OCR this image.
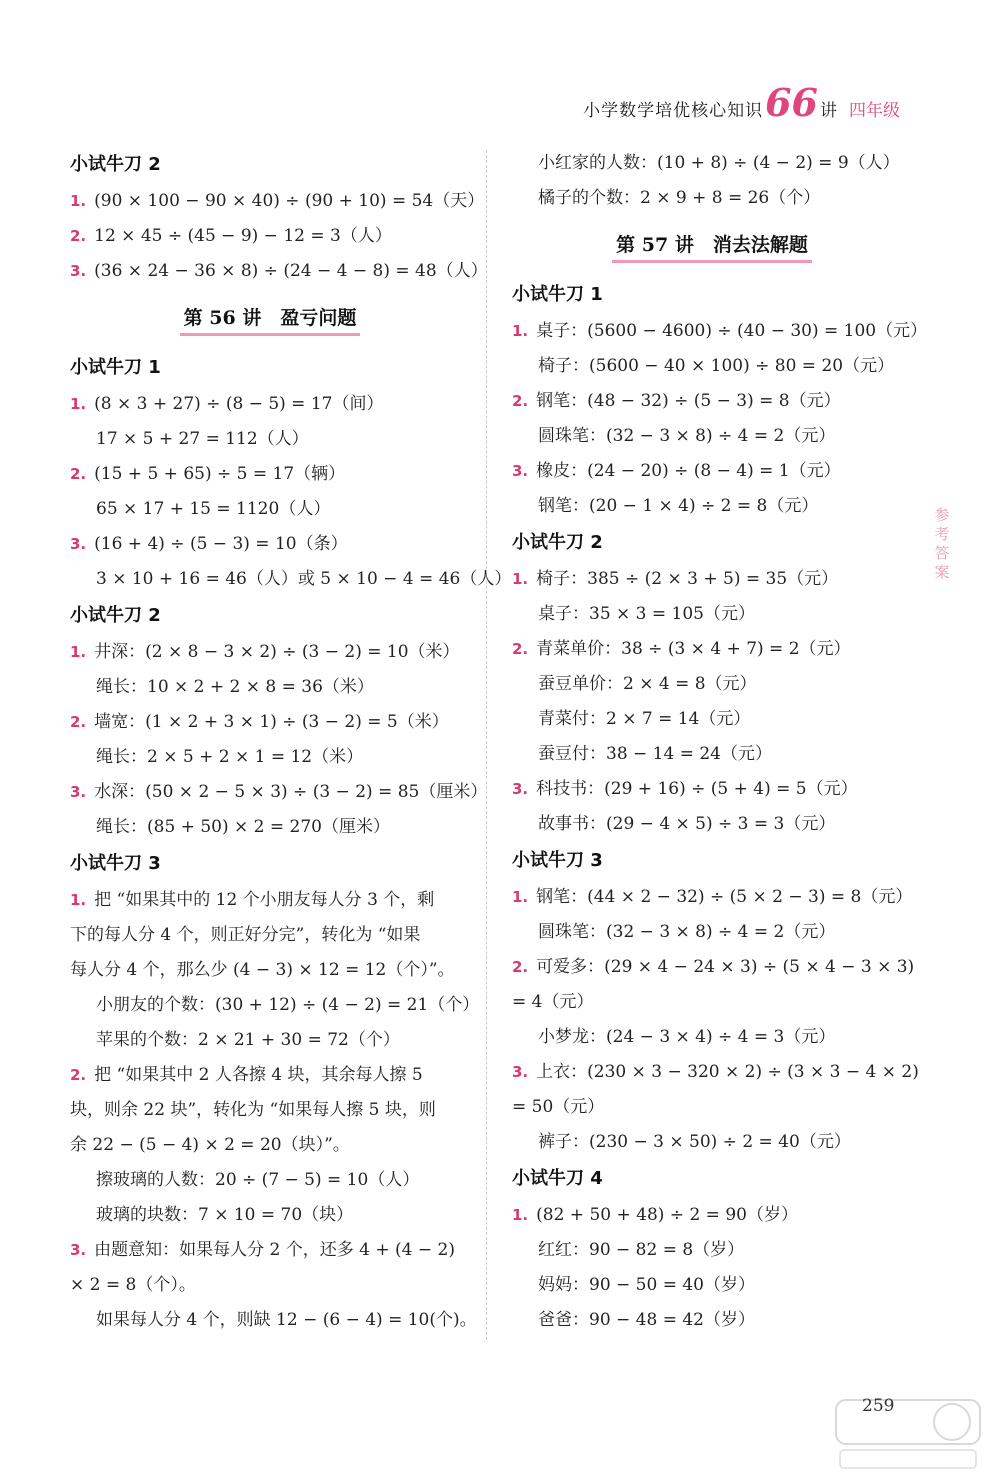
小学数学培优核心知识 66 讲 四年级
小试牛刀 2
1. (90 × 100 − 90 × 40) ÷ (90 + 10) = 54（天）
2. 12 × 45 ÷ (45 − 9) − 12 = 3（人）
3. (36 × 24 − 36 × 8) ÷ (24 − 4 − 8) = 48（人）
第 56 讲　盈亏问题
小试牛刀 1
1. (8 × 3 + 27) ÷ (8 − 5) = 17（间）
17 × 5 + 27 = 112（人）
2. (15 + 5 + 65) ÷ 5 = 17（辆）
65 × 17 + 15 = 1120（人）
3. (16 + 4) ÷ (5 − 3) = 10（条）
3 × 10 + 16 = 46（人）或 5 × 10 − 4 = 46（人）
小试牛刀 2
1. 井深：(2 × 8 − 3 × 2) ÷ (3 − 2) = 10（米）
绳长：10 × 2 + 2 × 8 = 36（米）
2. 墙宽：(1 × 2 + 3 × 1) ÷ (3 − 2) = 5（米）
绳长：2 × 5 + 2 × 1 = 12（米）
3. 水深：(50 × 2 − 5 × 3) ÷ (3 − 2) = 85（厘米）
绳长：(85 + 50) × 2 = 270（厘米）
小试牛刀 3
1. 把 “如果其中的 12 个小朋友每人分 3 个，剩
下的每人分 4 个，则正好分完”，转化为 “如果
每人分 4 个，那么少 (4 − 3) × 12 = 12（个）”。
小朋友的个数：(30 + 12) ÷ (4 − 2) = 21（个）
苹果的个数：2 × 21 + 30 = 72（个）
2. 把 “如果其中 2 人各擦 4 块，其余每人擦 5
块，则余 22 块”，转化为 “如果每人擦 5 块，则
余 22 − (5 − 4) × 2 = 20（块）”。
擦玻璃的人数：20 ÷ (7 − 5) = 10（人）
玻璃的块数：7 × 10 = 70（块）
3. 由题意知：如果每人分 2 个，还多 4 + (4 − 2)
× 2 = 8（个）。
如果每人分 4 个，则缺 12 − (6 − 4) = 10(个)。
小红家的人数：(10 + 8) ÷ (4 − 2) = 9（人）
橘子的个数：2 × 9 + 8 = 26（个）
第 57 讲　消去法解题
小试牛刀 1
1. 桌子：(5600 − 4600) ÷ (40 − 30) = 100（元）
椅子：(5600 − 40 × 100) ÷ 80 = 20（元）
2. 钢笔：(48 − 32) ÷ (5 − 3) = 8（元）
圆珠笔：(32 − 3 × 8) ÷ 4 = 2（元）
3. 橡皮：(24 − 20) ÷ (8 − 4) = 1（元）
钢笔：(20 − 1 × 4) ÷ 2 = 8（元）
小试牛刀 2
1. 椅子：385 ÷ (2 × 3 + 5) = 35（元）
桌子：35 × 3 = 105（元）
2. 青菜单价：38 ÷ (3 × 4 + 7) = 2（元）
蚕豆单价：2 × 4 = 8（元）
青菜付：2 × 7 = 14（元）
蚕豆付：38 − 14 = 24（元）
3. 科技书：(29 + 16) ÷ (5 + 4) = 5（元）
故事书：(29 − 4 × 5) ÷ 3 = 3（元）
小试牛刀 3
1. 钢笔：(44 × 2 − 32) ÷ (5 × 2 − 3) = 8（元）
圆珠笔：(32 − 3 × 8) ÷ 4 = 2（元）
2. 可爱多：(29 × 4 − 24 × 3) ÷ (5 × 4 − 3 × 3)
= 4（元）
小梦龙：(24 − 3 × 4) ÷ 4 = 3（元）
3. 上衣：(230 × 3 − 320 × 2) ÷ (3 × 3 − 4 × 2)
= 50（元）
裤子：(230 − 3 × 50) ÷ 2 = 40（元）
小试牛刀 4
1. (82 + 50 + 48) ÷ 2 = 90（岁）
红红：90 − 82 = 8（岁）
妈妈：90 − 50 = 40（岁）
爸爸：90 − 48 = 42（岁）
参考答案
259
